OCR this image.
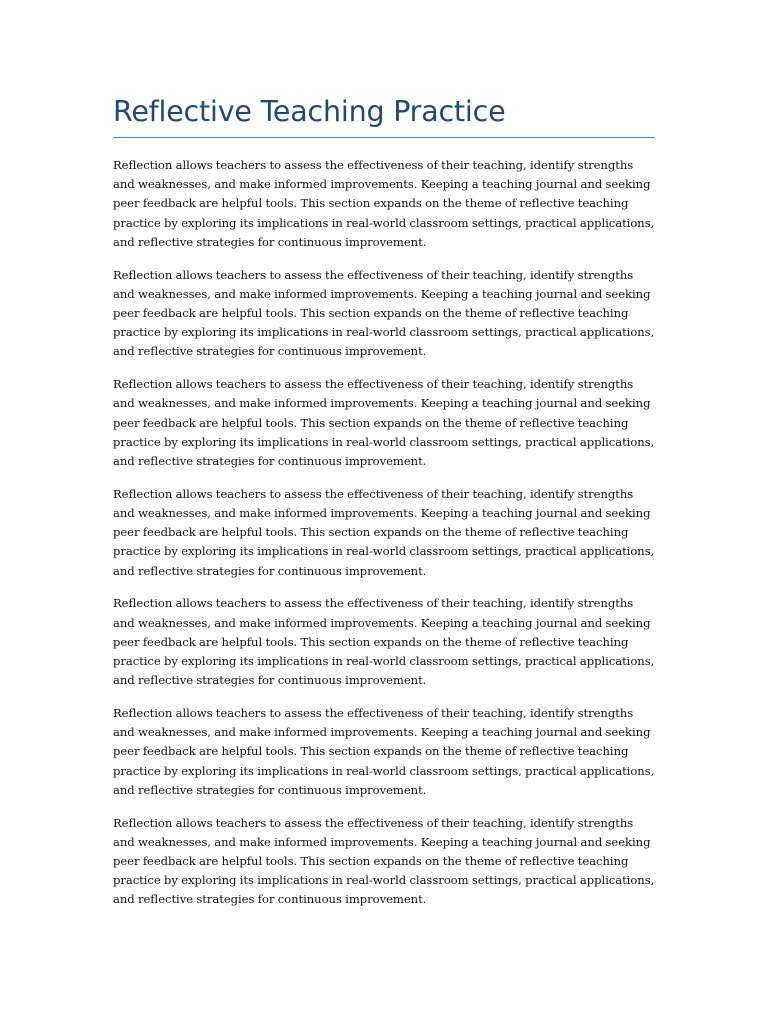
Reflective Teaching Practice

Reflection allows teachers to assess the effectiveness of their teaching, identify strengths and weaknesses, and make informed improvements. Keeping a teaching journal and seeking peer feedback are helpful tools. This section expands on the theme of reflective teaching practice by exploring its implications in real-world classroom settings, practical applications, and reflective strategies for continuous improvement.

Reflection allows teachers to assess the effectiveness of their teaching, identify strengths and weaknesses, and make informed improvements. Keeping a teaching journal and seeking peer feedback are helpful tools. This section expands on the theme of reflective teaching practice by exploring its implications in real-world classroom settings, practical applications, and reflective strategies for continuous improvement.

Reflection allows teachers to assess the effectiveness of their teaching, identify strengths and weaknesses, and make informed improvements. Keeping a teaching journal and seeking peer feedback are helpful tools. This section expands on the theme of reflective teaching practice by exploring its implications in real-world classroom settings, practical applications, and reflective strategies for continuous improvement.

Reflection allows teachers to assess the effectiveness of their teaching, identify strengths and weaknesses, and make informed improvements. Keeping a teaching journal and seeking peer feedback are helpful tools. This section expands on the theme of reflective teaching practice by exploring its implications in real-world classroom settings, practical applications, and reflective strategies for continuous improvement.

Reflection allows teachers to assess the effectiveness of their teaching, identify strengths and weaknesses, and make informed improvements. Keeping a teaching journal and seeking peer feedback are helpful tools. This section expands on the theme of reflective teaching practice by exploring its implications in real-world classroom settings, practical applications, and reflective strategies for continuous improvement.

Reflection allows teachers to assess the effectiveness of their teaching, identify strengths and weaknesses, and make informed improvements. Keeping a teaching journal and seeking peer feedback are helpful tools. This section expands on the theme of reflective teaching practice by exploring its implications in real-world classroom settings, practical applications, and reflective strategies for continuous improvement.

Reflection allows teachers to assess the effectiveness of their teaching, identify strengths and weaknesses, and make informed improvements. Keeping a teaching journal and seeking peer feedback are helpful tools. This section expands on the theme of reflective teaching practice by exploring its implications in real-world classroom settings, practical applications, and reflective strategies for continuous improvement.
